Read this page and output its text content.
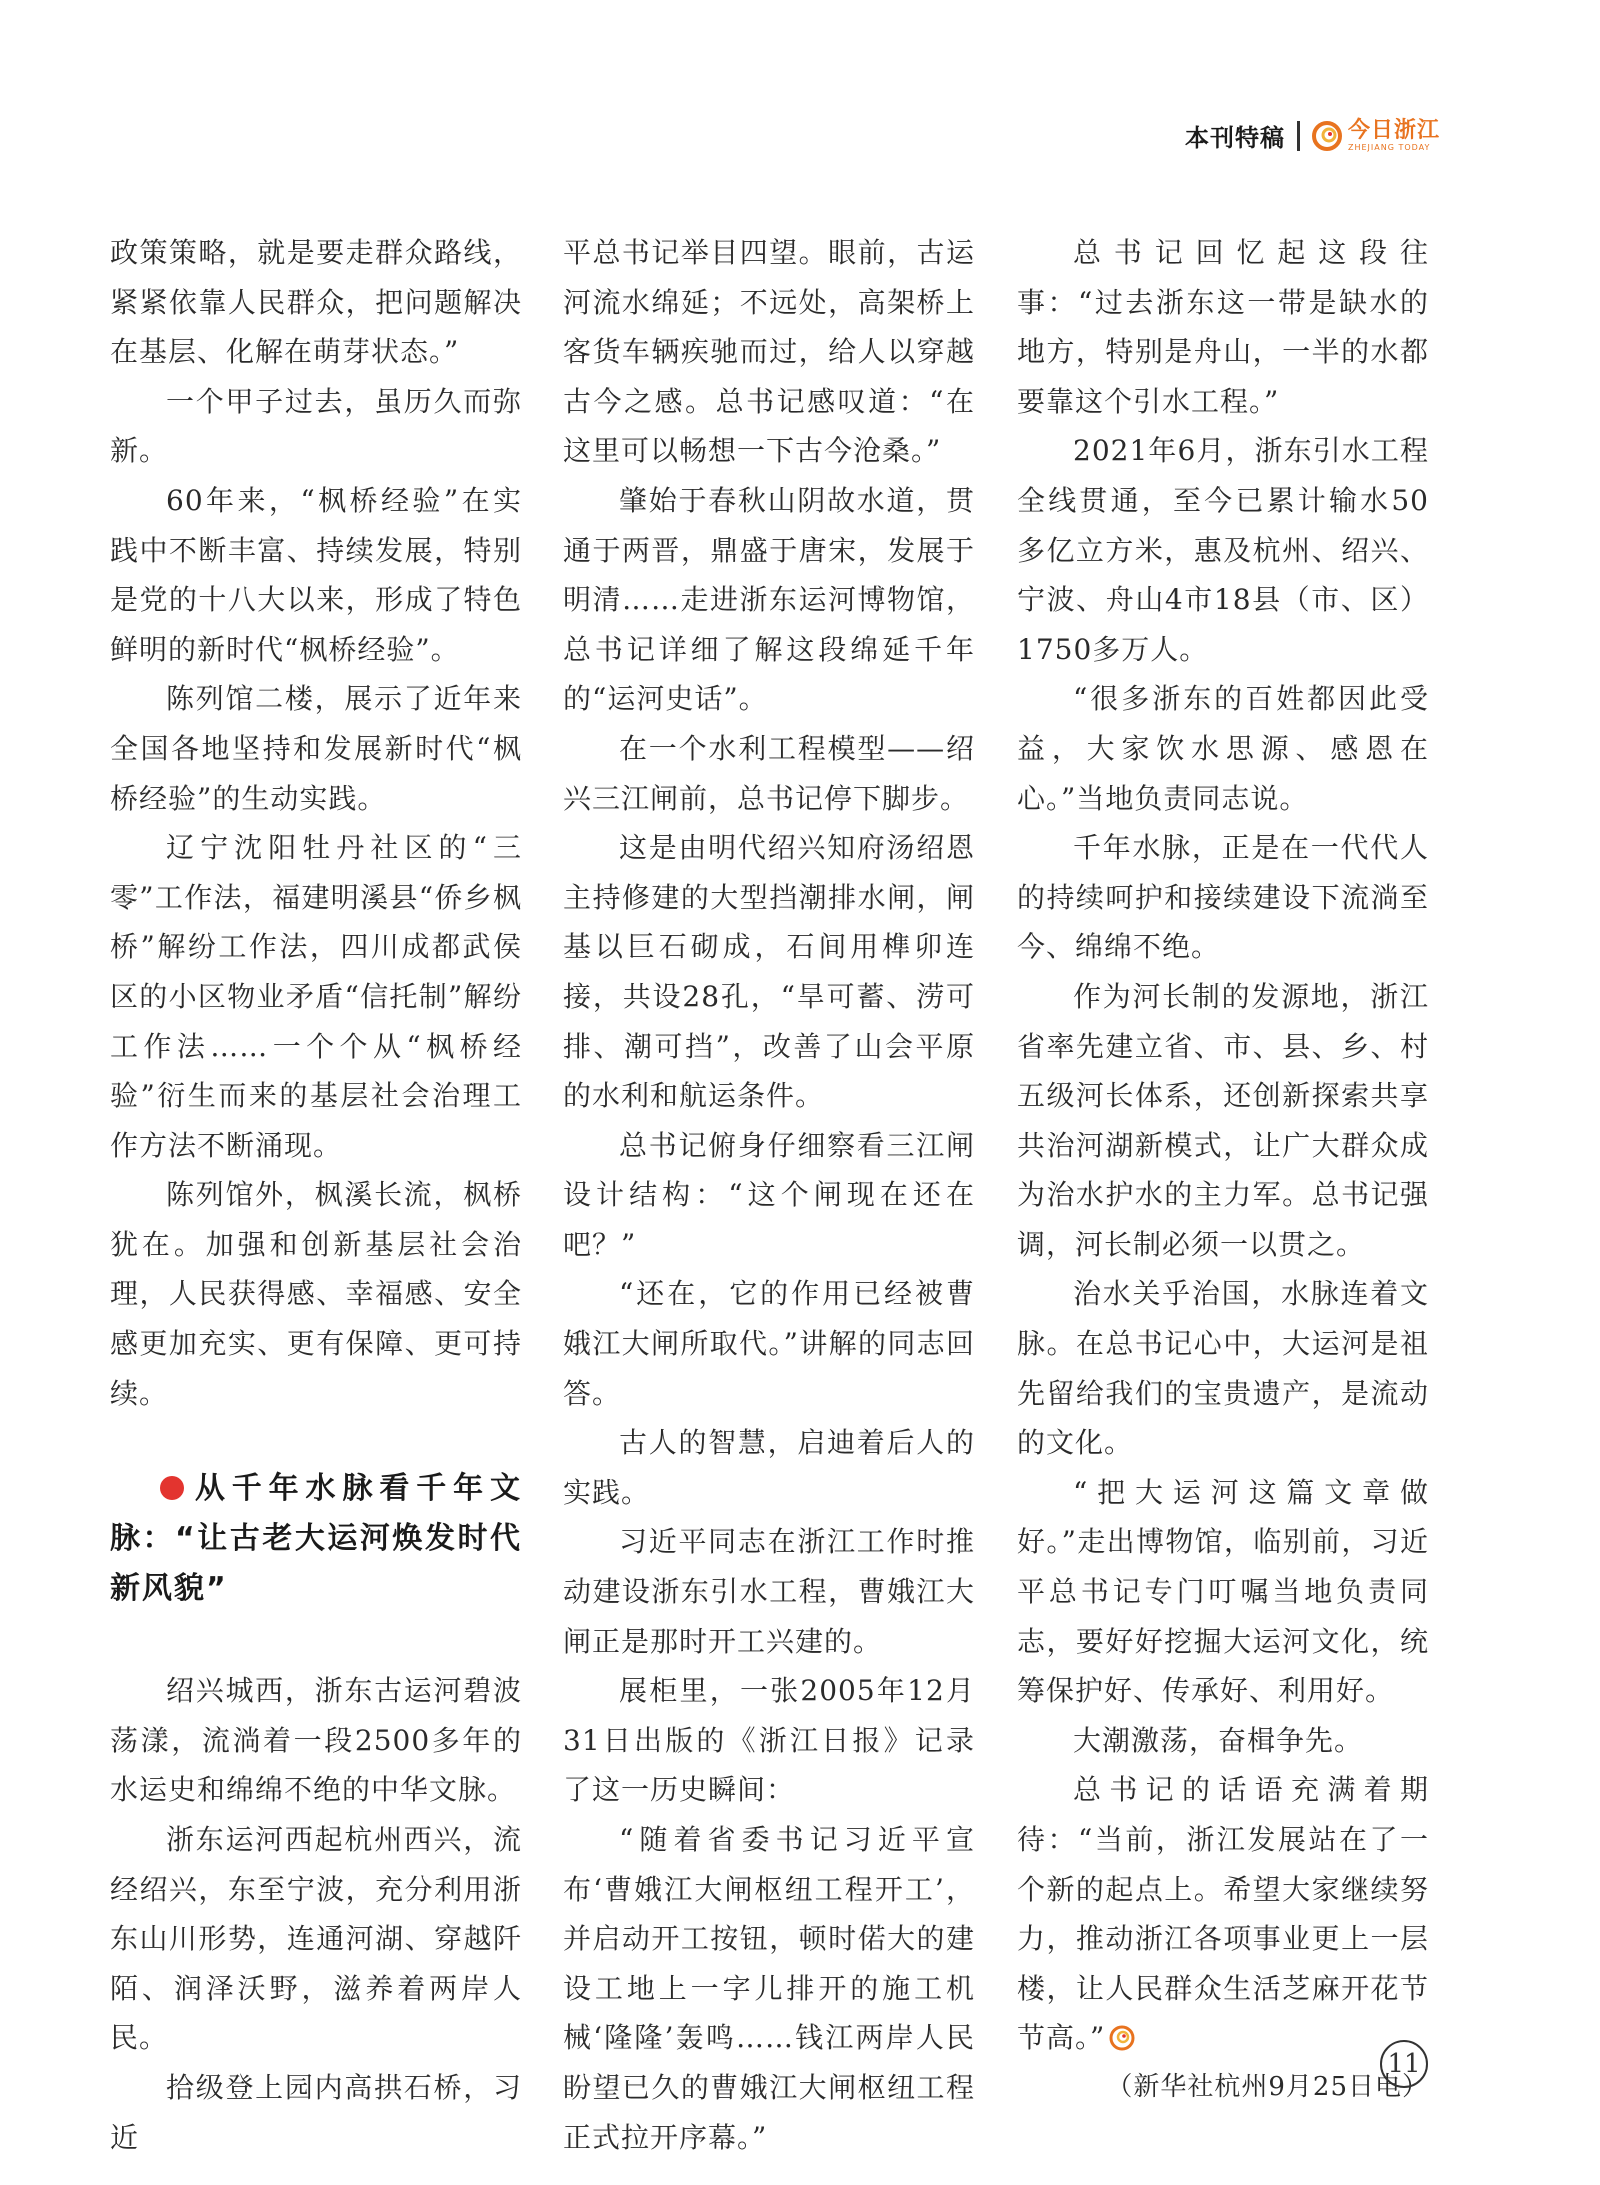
本刊特稿	今日浙江
ZHEJIANG TODAY

政策策略，就是要走群众路线，紧紧依靠人民群众，把问题解决在基层、化解在萌芽状态。”

一个甲子过去，虽历久而弥新。

60年来，“枫桥经验”在实践中不断丰富、持续发展，特别是党的十八大以来，形成了特色鲜明的新时代“枫桥经验”。

陈列馆二楼，展示了近年来全国各地坚持和发展新时代“枫桥经验”的生动实践。

辽宁沈阳牡丹社区的“三零”工作法，福建明溪县“侨乡枫桥”解纷工作法，四川成都武侯区的小区物业矛盾“信托制”解纷工作法……一个个从“枫桥经验”衍生而来的基层社会治理工作方法不断涌现。

陈列馆外，枫溪长流，枫桥犹在。加强和创新基层社会治理，人民获得感、幸福感、安全感更加充实、更有保障、更可持续。

从千年水脉看千年文脉：“让古老大运河焕发时代新风貌”

绍兴城西，浙东古运河碧波荡漾，流淌着一段2500多年的水运史和绵绵不绝的中华文脉。

浙东运河西起杭州西兴，流经绍兴，东至宁波，充分利用浙东山川形势，连通河湖、穿越阡陌、润泽沃野，滋养着两岸人民。

拾级登上园内高拱石桥，习近

平总书记举目四望。眼前，古运河流水绵延；不远处，高架桥上客货车辆疾驰而过，给人以穿越古今之感。总书记感叹道：“在这里可以畅想一下古今沧桑。”

肇始于春秋山阴故水道，贯通于两晋，鼎盛于唐宋，发展于明清……走进浙东运河博物馆，总书记详细了解这段绵延千年的“运河史话”。

在一个水利工程模型——绍兴三江闸前，总书记停下脚步。

这是由明代绍兴知府汤绍恩主持修建的大型挡潮排水闸，闸基以巨石砌成，石间用榫卯连接，共设28孔，“旱可蓄、涝可排、潮可挡”，改善了山会平原的水利和航运条件。

总书记俯身仔细察看三江闸设计结构：“这个闸现在还在吧？”

“还在，它的作用已经被曹娥江大闸所取代。”讲解的同志回答。

古人的智慧，启迪着后人的实践。

习近平同志在浙江工作时推动建设浙东引水工程，曹娥江大闸正是那时开工兴建的。

展柜里，一张2005年12月31日出版的《浙江日报》记录了这一历史瞬间：

“随着省委书记习近平宣布‘曹娥江大闸枢纽工程开工’，并启动开工按钮，顿时偌大的建设工地上一字儿排开的施工机械‘隆隆’轰鸣……钱江两岸人民盼望已久的曹娥江大闸枢纽工程正式拉开序幕。”

总书记回忆起这段往事：“过去浙东这一带是缺水的地方，特别是舟山，一半的水都要靠这个引水工程。”

2021年6月，浙东引水工程全线贯通，至今已累计输水50多亿立方米，惠及杭州、绍兴、宁波、舟山4市18县（市、区）1750多万人。

“很多浙东的百姓都因此受益，大家饮水思源、感恩在心。”当地负责同志说。

千年水脉，正是在一代代人的持续呵护和接续建设下流淌至今、绵绵不绝。

作为河长制的发源地，浙江省率先建立省、市、县、乡、村五级河长体系，还创新探索共享共治河湖新模式，让广大群众成为治水护水的主力军。总书记强调，河长制必须一以贯之。

治水关乎治国，水脉连着文脉。在总书记心中，大运河是祖先留给我们的宝贵遗产，是流动的文化。

“把大运河这篇文章做好。”走出博物馆，临别前，习近平总书记专门叮嘱当地负责同志，要好好挖掘大运河文化，统筹保护好、传承好、利用好。

大潮激荡，奋楫争先。

总书记的话语充满着期待：“当前，浙江发展站在了一个新的起点上。希望大家继续努力，推动浙江各项事业更上一层楼，让人民群众生活芝麻开花节节高。”

（新华社杭州9月25日电）

11
